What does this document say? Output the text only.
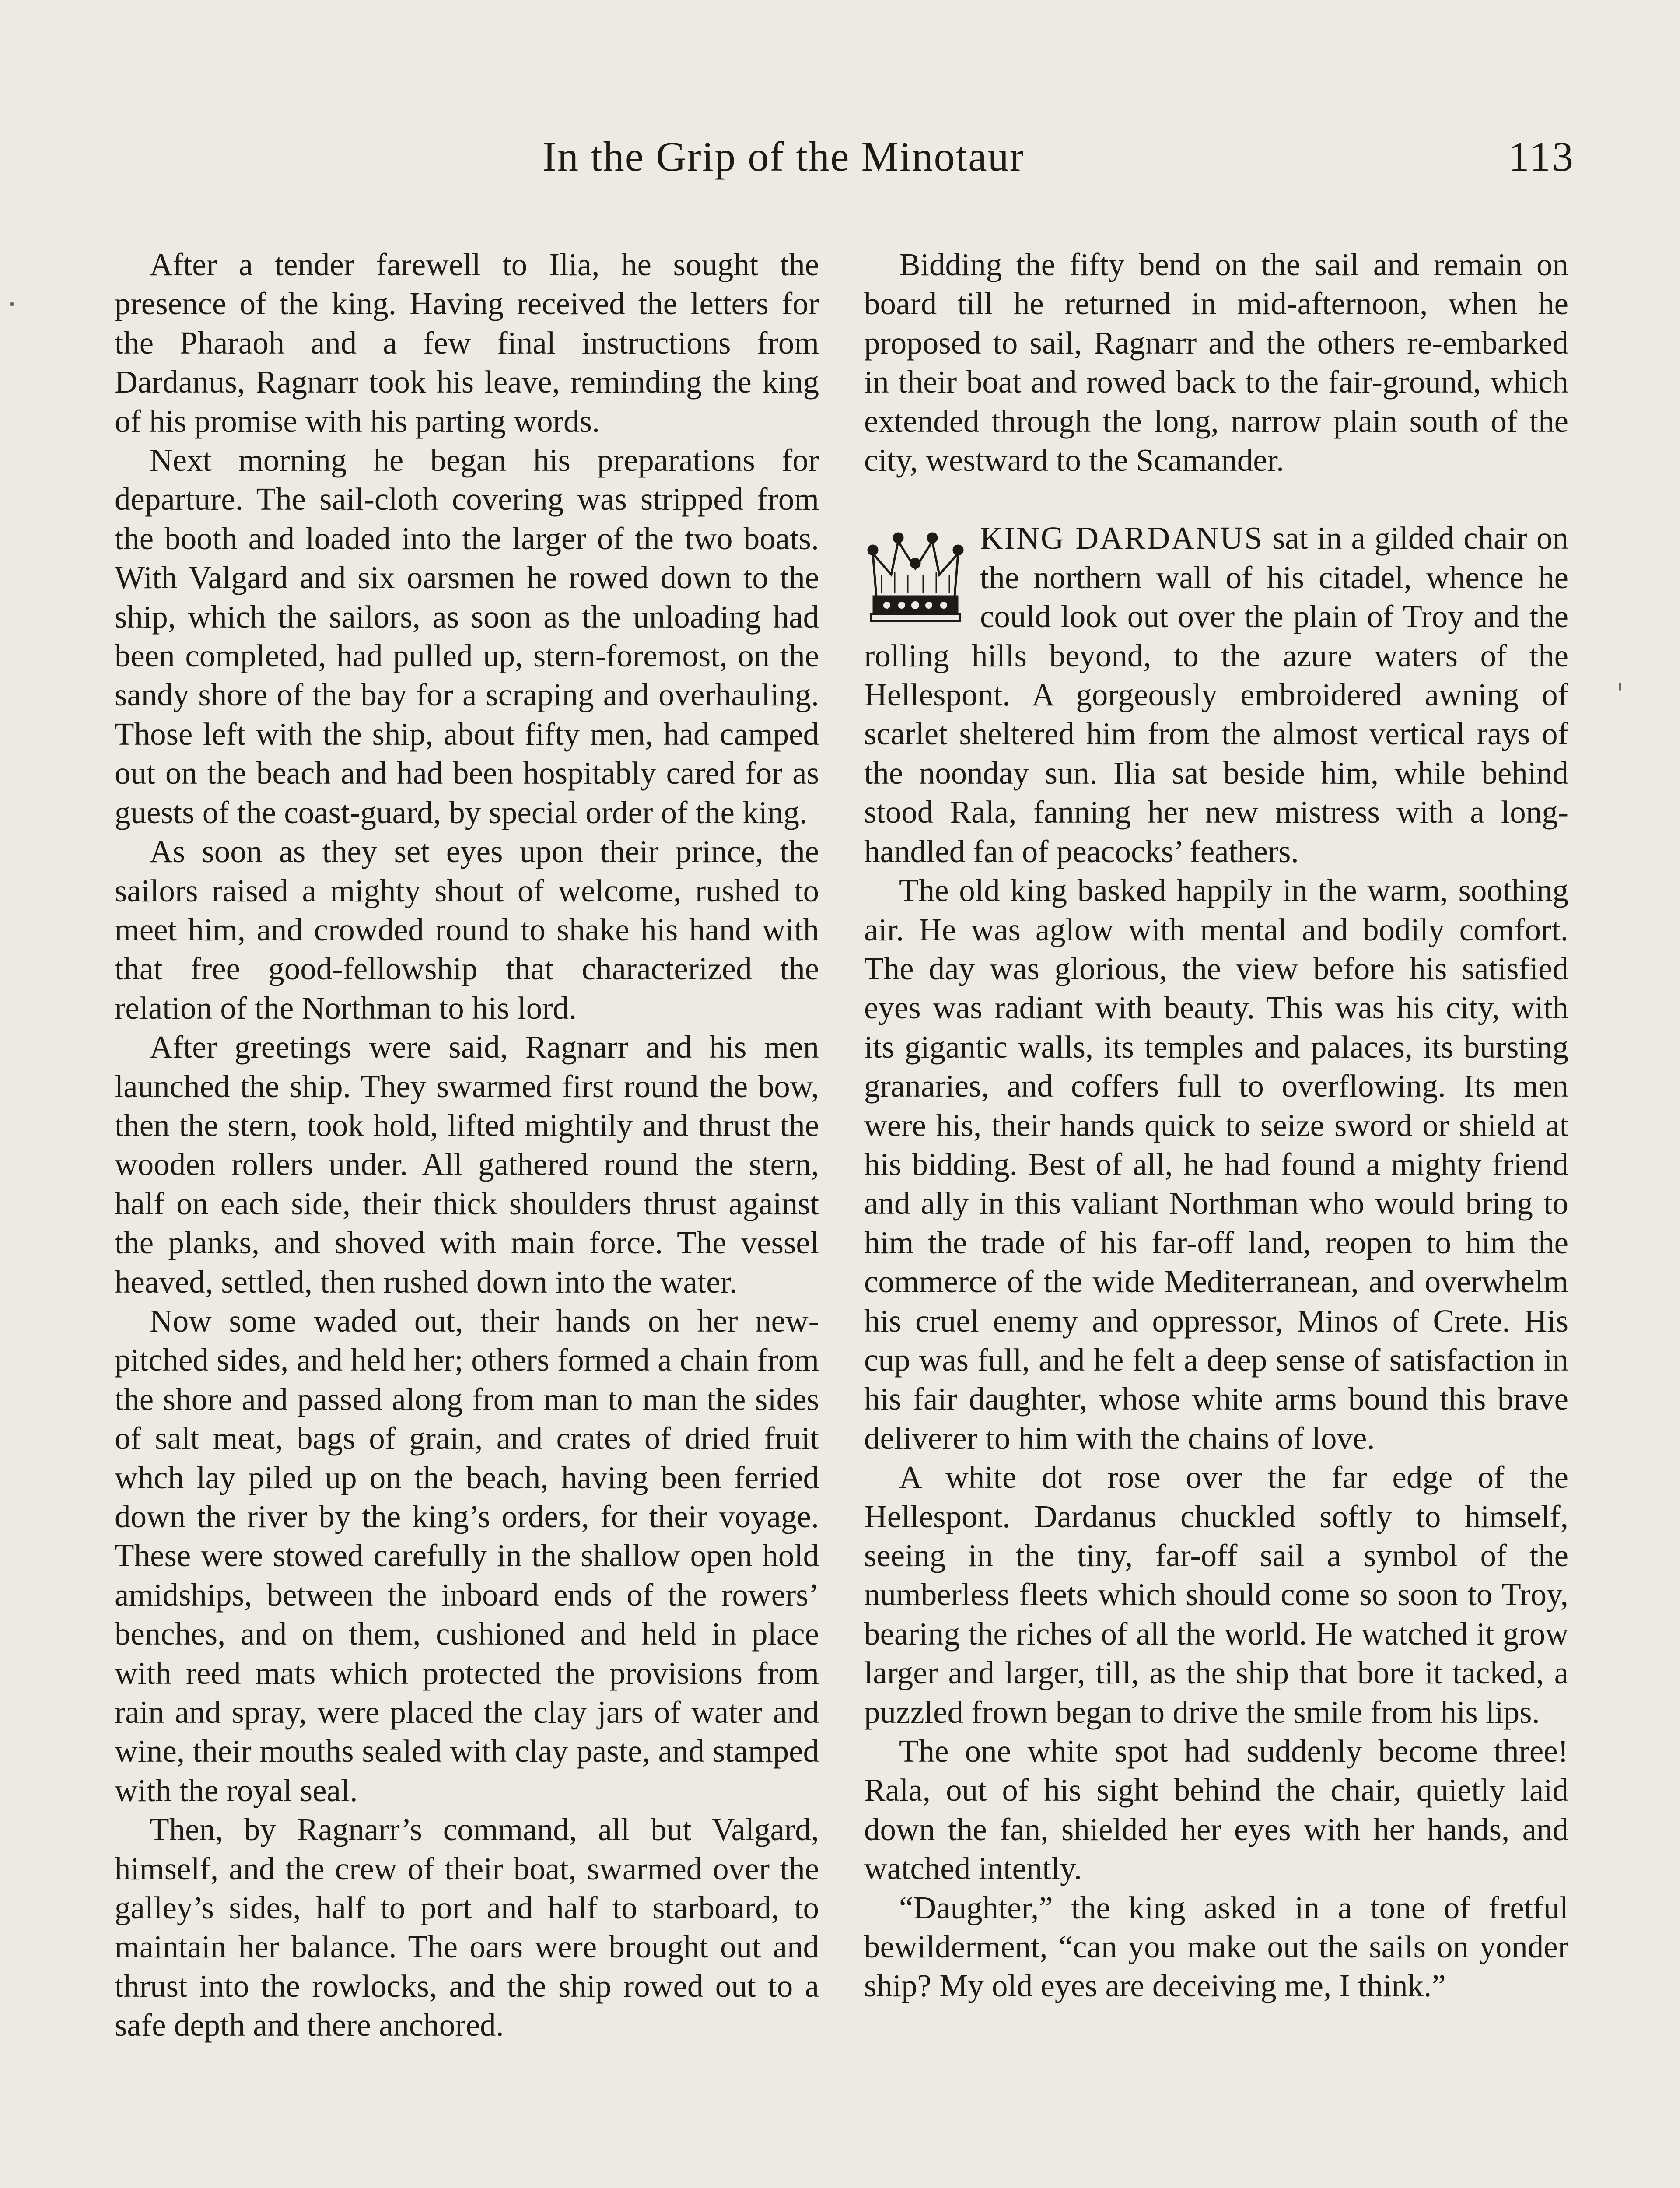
In the Grip of the Minotaur	113

After a tender farewell to Ilia, he sought the presence of the king. Having received the letters for the Pharaoh and a few final instructions from Dardanus, Ragnarr took his leave, reminding the king of his promise with his parting words.

Next morning he began his preparations for departure. The sail-cloth covering was stripped from the booth and loaded into the larger of the two boats. With Valgard and six oarsmen he rowed down to the ship, which the sailors, as soon as the unloading had been completed, had pulled up, stern-foremost, on the sandy shore of the bay for a scraping and overhauling. Those left with the ship, about fifty men, had camped out on the beach and had been hospitably cared for as guests of the coast-guard, by special order of the king.

As soon as they set eyes upon their prince, the sailors raised a mighty shout of welcome, rushed to meet him, and crowded round to shake his hand with that free good-fellowship that characterized the relation of the Northman to his lord.

After greetings were said, Ragnarr and his men launched the ship. They swarmed first round the bow, then the stern, took hold, lifted mightily and thrust the wooden rollers under. All gathered round the stern, half on each side, their thick shoulders thrust against the planks, and shoved with main force. The vessel heaved, settled, then rushed down into the water.

Now some waded out, their hands on her new-pitched sides, and held her; others formed a chain from the shore and passed along from man to man the sides of salt meat, bags of grain, and crates of dried fruit whch lay piled up on the beach, having been ferried down the river by the king’s orders, for their voyage. These were stowed carefully in the shallow open hold amidships, between the inboard ends of the rowers’ benches, and on them, cushioned and held in place with reed mats which protected the provisions from rain and spray, were placed the clay jars of water and wine, their mouths sealed with clay paste, and stamped with the royal seal.

Then, by Ragnarr’s command, all but Valgard, himself, and the crew of their boat, swarmed over the galley’s sides, half to port and half to starboard, to maintain her balance. The oars were brought out and thrust into the rowlocks, and the ship rowed out to a safe depth and there anchored.

Bidding the fifty bend on the sail and remain on board till he returned in mid-afternoon, when he proposed to sail, Ragnarr and the others re-embarked in their boat and rowed back to the fair-ground, which extended through the long, narrow plain south of the city, westward to the Scamander.

KING DARDANUS sat in a gilded chair on the northern wall of his citadel, whence he could look out over the plain of Troy and the rolling hills beyond, to the azure waters of the Hellespont. A gorgeously embroidered awning of scarlet sheltered him from the almost vertical rays of the noonday sun. Ilia sat beside him, while behind stood Rala, fanning her new mistress with a long-handled fan of peacocks’ feathers.

The old king basked happily in the warm, soothing air. He was aglow with mental and bodily comfort. The day was glorious, the view before his satisfied eyes was radiant with beauty. This was his city, with its gigantic walls, its temples and palaces, its bursting granaries, and coffers full to overflowing. Its men were his, their hands quick to seize sword or shield at his bidding. Best of all, he had found a mighty friend and ally in this valiant Northman who would bring to him the trade of his far-off land, reopen to him the commerce of the wide Mediterranean, and overwhelm his cruel enemy and oppressor, Minos of Crete. His cup was full, and he felt a deep sense of satisfaction in his fair daughter, whose white arms bound this brave deliverer to him with the chains of love.

A white dot rose over the far edge of the Hellespont. Dardanus chuckled softly to himself, seeing in the tiny, far-off sail a symbol of the numberless fleets which should come so soon to Troy, bearing the riches of all the world. He watched it grow larger and larger, till, as the ship that bore it tacked, a puzzled frown began to drive the smile from his lips.

The one white spot had suddenly become three! Rala, out of his sight behind the chair, quietly laid down the fan, shielded her eyes with her hands, and watched intently.

“Daughter,” the king asked in a tone of fretful bewilderment, “can you make out the sails on yonder ship? My old eyes are deceiving me, I think.”
